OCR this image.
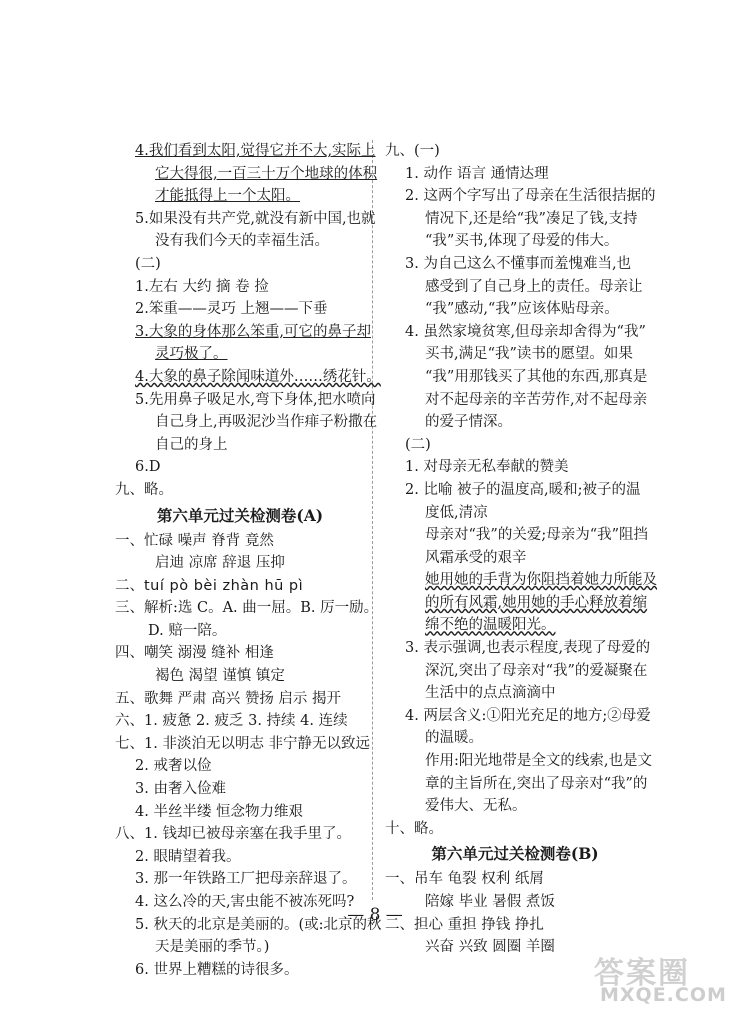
4.我们看到太阳,觉得它并不大,实际上
它大得很,一百三十万个地球的体积
才能抵得上一个太阳。
5.如果没有共产党,就没有新中国,也就
没有我们今天的幸福生活。
(二)
1.左右 大约 摘 卷 捡
2.笨重——灵巧 上翘——下垂
3.大象的身体那么笨重,可它的鼻子却
灵巧极了。
4.大象的鼻子除闻味道外……绣花针。
5.先用鼻子吸足水,弯下身体,把水喷向
自己身上,再吸泥沙当作痱子粉撒在
自己的身上
6.D
九、略。
第六单元过关检测卷(A)
一、忙碌 噪声 脊背 竟然
启迪 凉席 辞退 压抑
二、tuí pò bèi zhàn hū pì
三、解析:选 C。A. 曲一屈。B. 厉一励。
D. 赔一陪。
四、嘲笑 溺漫 缝补 相逢
褐色 渴望 谨慎 镇定
五、歌舞 严肃 高兴 赞扬 启示 揭开
六、1. 疲惫 2. 疲乏 3. 持续 4. 连续
七、1. 非淡泊无以明志 非宁静无以致远
2. 戒奢以俭
3. 由奢入俭难
4. 半丝半缕 恒念物力维艰
八、1. 钱却已被母亲塞在我手里了。
2. 眼睛望着我。
3. 那一年铁路工厂把母亲辞退了。
4. 这么冷的天,害虫能不被冻死吗?
5. 秋天的北京是美丽的。(或:北京的秋
天是美丽的季节。)
6. 世界上糟糕的诗很多。
九、(一)
1. 动作 语言 通情达理
2. 这两个字写出了母亲在生活很拮据的
情况下,还是给“我”凑足了钱,支持
“我”买书,体现了母爱的伟大。
3. 为自己这么不懂事而羞愧难当,也
感受到了自己身上的责任。母亲让
“我”感动,“我”应该体贴母亲。
4. 虽然家境贫寒,但母亲却舍得为“我”
买书,满足“我”读书的愿望。如果
“我”用那钱买了其他的东西,那真是
对不起母亲的辛苦劳作,对不起母亲
的爱子情深。
(二)
1. 对母亲无私奉献的赞美
2. 比喻 被子的温度高,暖和;被子的温
度低,清凉
母亲对“我”的关爱;母亲为“我”阻挡
风霜承受的艰辛
她用她的手背为你阻挡着她力所能及
的所有风霜,她用她的手心释放着缩
绵不绝的温暖阳光。
3. 表示强调,也表示程度,表现了母爱的
深沉,突出了母亲对“我”的爱凝聚在
生活中的点点滴滴中
4. 两层含义:①阳光充足的地方;②母爱
的温暖。
作用:阳光地带是全文的线索,也是文
章的主旨所在,突出了母亲对“我”的
爱伟大、无私。
十、略。
第六单元过关检测卷(B)
一、吊车 龟裂 权利 纸屑
陪嫁 毕业 暑假 煮饭
二、担心 重担 挣钱 挣扎
兴奋 兴致 圆圈 羊圈
— 8 —
答案圈
MXQE.COM
